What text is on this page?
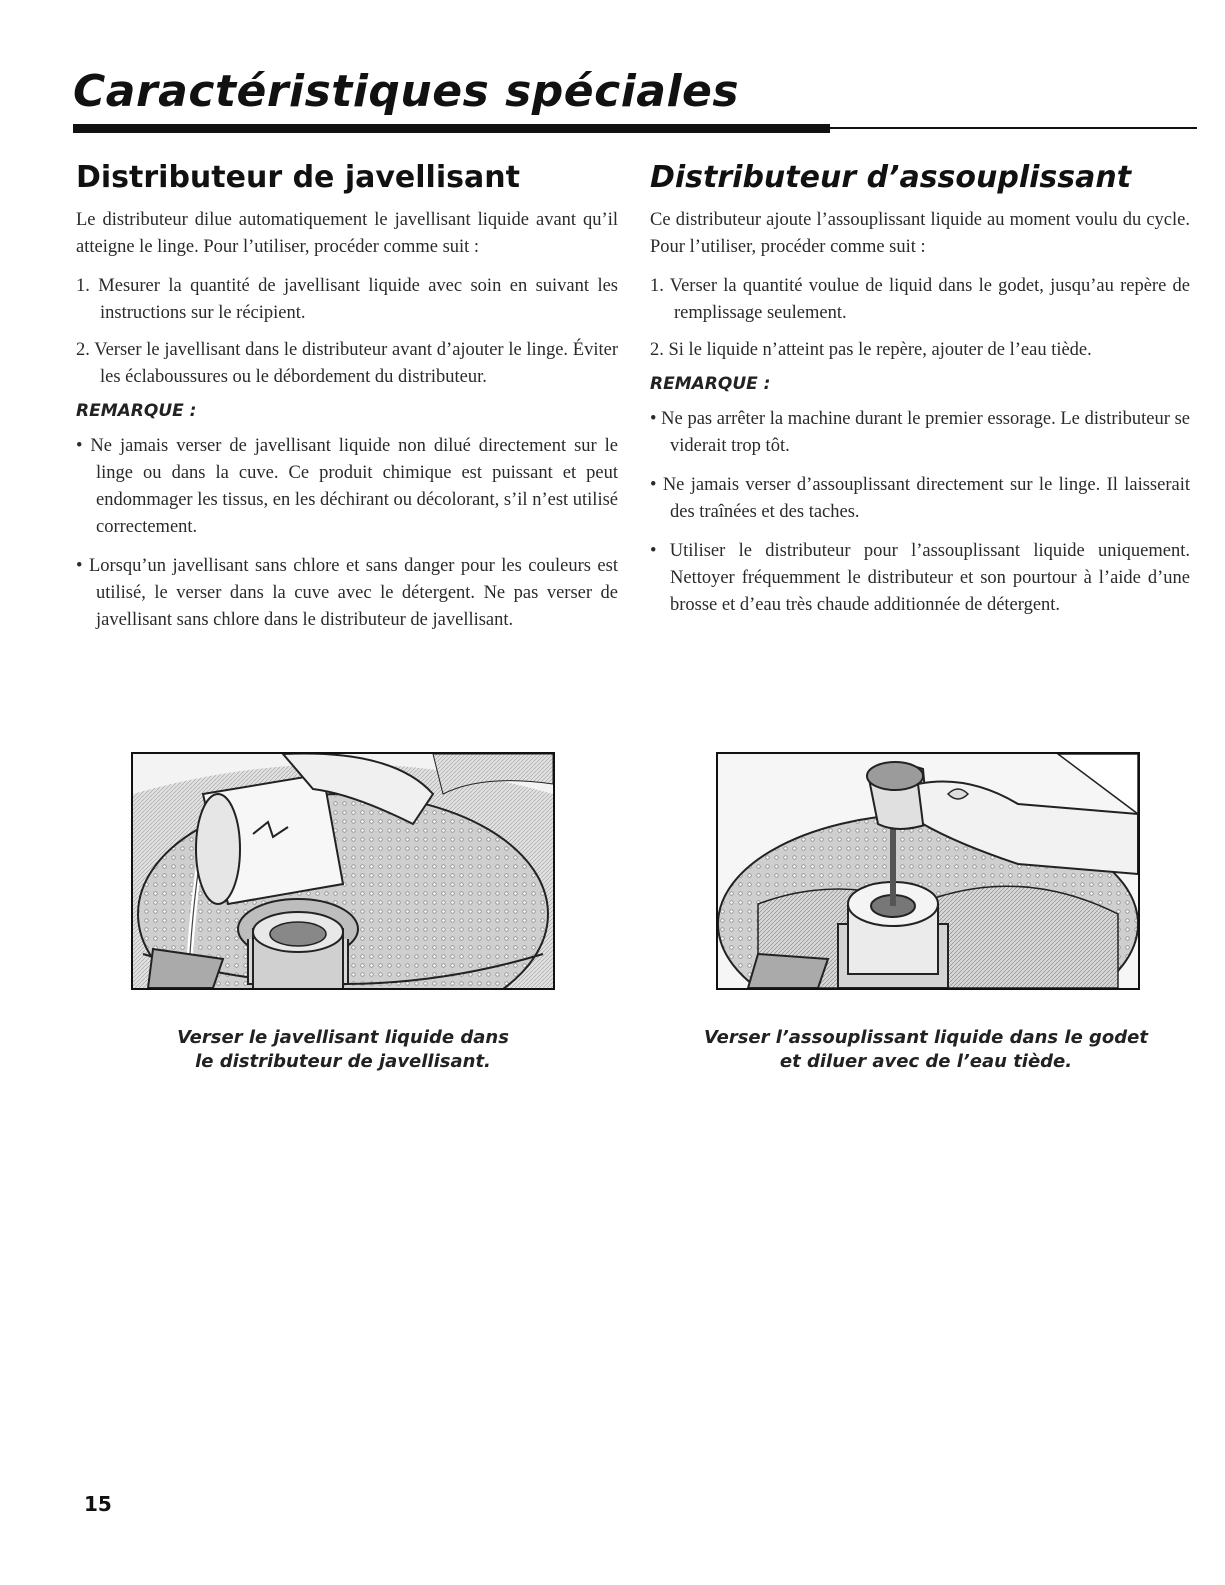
Caractéristiques spéciales
Distributeur de javellisant

Le distributeur dilue automatiquement le javellisant liquide avant qu’il atteigne le linge. Pour l’utiliser, procéder comme suit :

1. Mesurer la quantité de javellisant liquide avec soin en suivant les instructions sur le récipient.
2. Verser le javellisant dans le distributeur avant d’ajouter le linge. Éviter les éclaboussures ou le débordement du distributeur.
REMARQUE :
• Ne jamais verser de javellisant liquide non dilué directement sur le linge ou dans la cuve. Ce produit chimique est puissant et peut endommager les tissus, en les déchirant ou décolorant, s’il n’est utilisé correctement.
• Lorsqu’un javellisant sans chlore et sans danger pour les couleurs est utilisé, le verser dans la cuve avec le détergent. Ne pas verser de javellisant sans chlore dans le distributeur de javellisant.
Distributeur d’assouplissant

Ce distributeur ajoute l’assouplissant liquide au moment voulu du cycle. Pour l’utiliser, procéder comme suit :

1. Verser la quantité voulue de liquid dans le godet, jusqu’au repère de remplissage seulement.
2. Si le liquide n’atteint pas le repère, ajouter de l’eau tiède.
REMARQUE :
• Ne pas arrêter la machine durant le premier essorage. Le distributeur se viderait trop tôt.
• Ne jamais verser d’assouplissant directement sur le linge. Il laisserait des traînées et des taches.
• Utiliser le distributeur pour l’assouplissant liquide uniquement. Nettoyer fréquemment le distributeur et son pourtour à l’aide d’une brosse et d’eau très chaude additionnée de détergent.
Verser le javellisant liquide dans
le distributeur de javellisant.
Verser l’assouplissant liquide dans le godet
et diluer avec de l’eau tiède.
15
